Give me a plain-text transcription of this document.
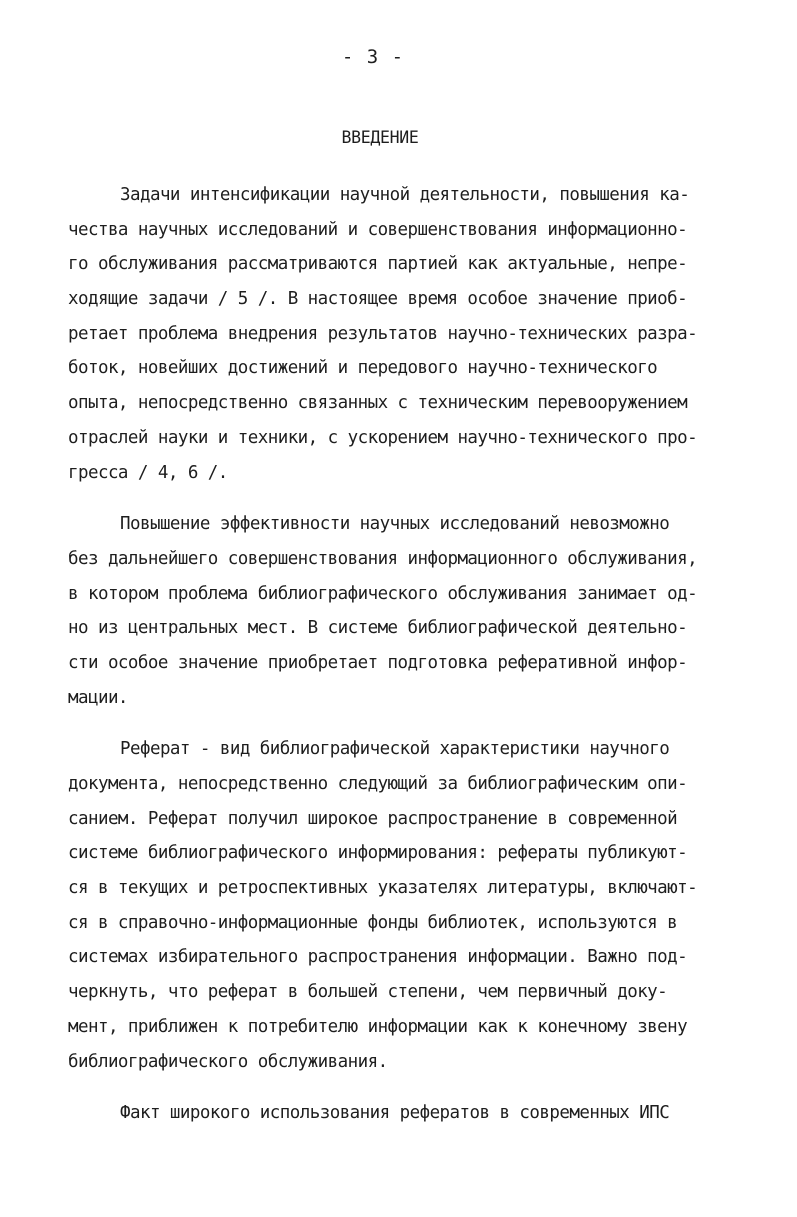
- 3 -
ВВЕДЕНИЕ
Задачи интенсификации научной деятельности, повышения ка-
чества научных исследований и совершенствования информационно-
го обслуживания рассматриваются партией как актуальные, непре-
ходящие задачи / 5 /. В настоящее время особое значение приоб-
ретает проблема внедрения результатов научно-технических разра-
боток, новейших достижений и передового научно-технического
опыта, непосредственно связанных с техническим перевооружением
отраслей науки и техники, с ускорением научно-технического про-
гресса / 4, 6 /.
Повышение эффективности научных исследований невозможно
без дальнейшего совершенствования информационного обслуживания,
в котором проблема библиографического обслуживания занимает од-
но из центральных мест. В системе библиографической деятельно-
сти особое значение приобретает подготовка реферативной инфор-
мации.
Реферат - вид библиографической характеристики научного
документа, непосредственно следующий за библиографическим опи-
санием. Реферат получил широкое распространение в современной
системе библиографического информирования: рефераты публикуют-
ся в текущих и ретроспективных указателях литературы, включают-
ся в справочно-информационные фонды библиотек, используются в
системах избирательного распространения информации. Важно под-
черкнуть, что реферат в большей степени, чем первичный доку-
мент, приближен к потребителю информации как к конечному звену
библиографического обслуживания.
Факт широкого использования рефератов в современных ИПС
